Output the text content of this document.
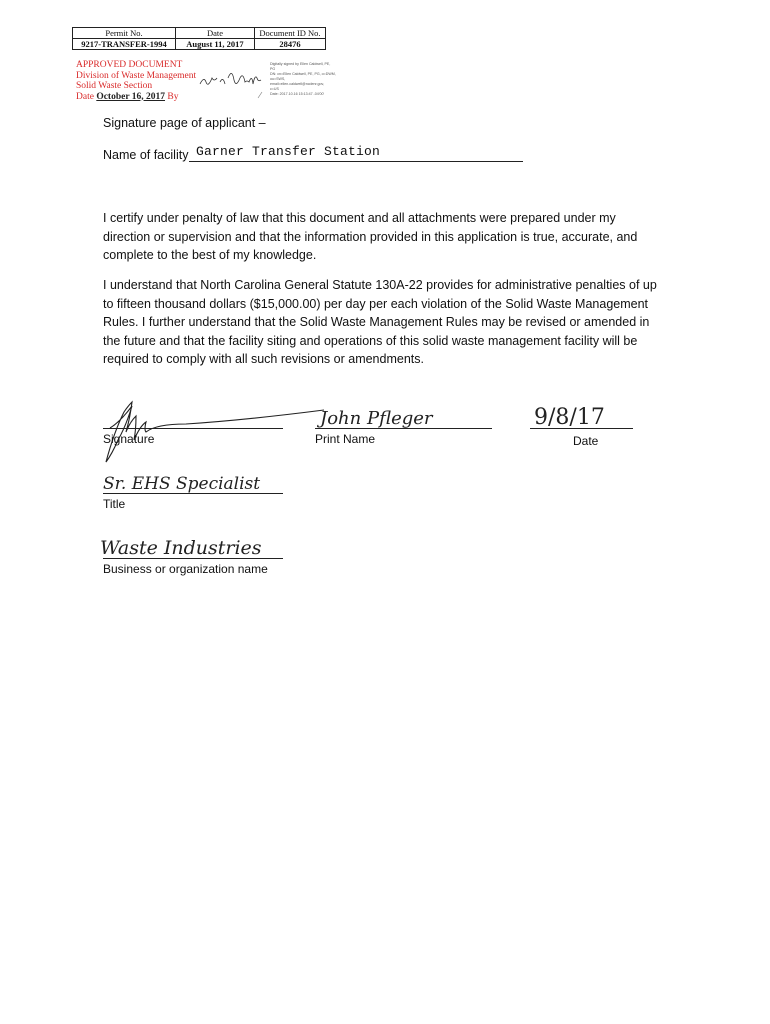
Permit No.	Date	Document ID No.
9217-TRANSFER-1994	August 11, 2017	28476
APPROVED DOCUMENT
Division of Waste Management
Solid Waste Section
Date October 16, 2017 By
Digitally signed by Ellen Caldwell, PE,
PG
DN: cn=Ellen Caldwell, PE, PG, o=DWM,
ou=SWS,
email=ellen.caldwell@ncdenr.gov,
c=US
Date: 2017.10.16 15:13:47 -04'00'
Signature page of applicant –
Name of facility Garner Transfer Station

I certify under penalty of law that this document and all attachments were prepared under my direction or supervision and that the information provided in this application is true, accurate, and complete to the best of my knowledge.

I understand that North Carolina General Statute 130A-22 provides for administrative penalties of up to fifteen thousand dollars ($15,000.00) per day per each violation of the Solid Waste Management Rules. I further understand that the Solid Waste Management Rules may be revised or amended in the future and that the facility siting and operations of this solid waste management facility will be required to comply with all such revisions or amendments.

Signature
John Pfleger
Print Name
9/8/17
Date
Sr. EHS Specialist
Title
Waste Industries
Business or organization name
